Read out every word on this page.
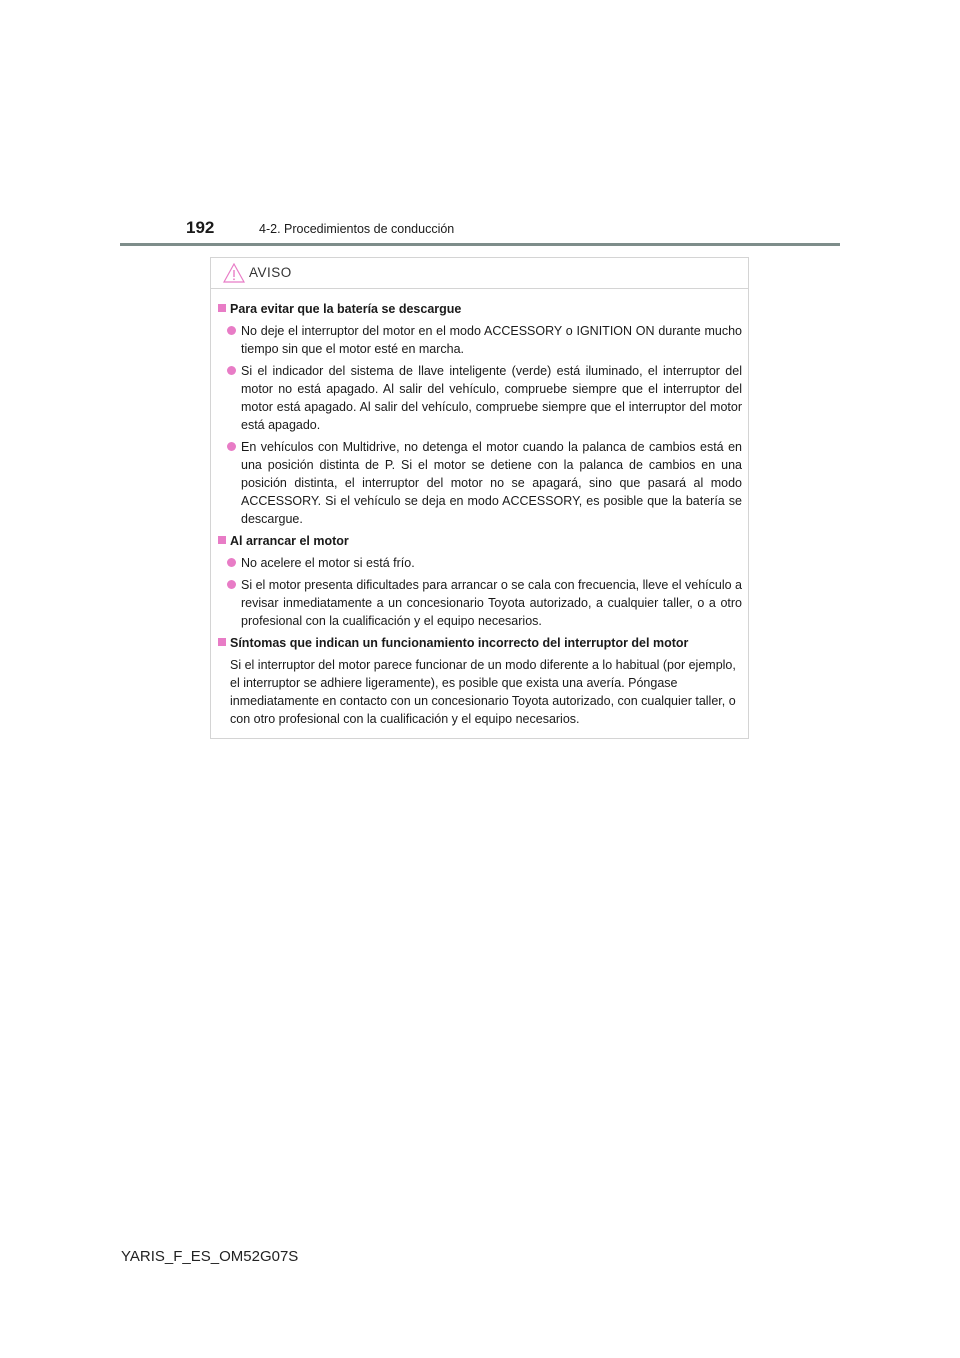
192	4-2. Procedimientos de conducción
AVISO
Para evitar que la batería se descargue
No deje el interruptor del motor en el modo ACCESSORY o IGNITION ON durante mucho tiempo sin que el motor esté en marcha.
Si el indicador del sistema de llave inteligente (verde) está iluminado, el interruptor del motor no está apagado. Al salir del vehículo, compruebe siempre que el interruptor del motor está apagado. Al salir del vehículo, compruebe siempre que el interruptor del motor está apagado.
En vehículos con Multidrive, no detenga el motor cuando la palanca de cambios está en una posición distinta de P. Si el motor se detiene con la palanca de cambios en una posición distinta, el interruptor del motor no se apagará, sino que pasará al modo ACCESSORY. Si el vehículo se deja en modo ACCESSORY, es posible que la batería se descargue.
Al arrancar el motor
No acelere el motor si está frío.
Si el motor presenta dificultades para arrancar o se cala con frecuencia, lleve el vehículo a revisar inmediatamente a un concesionario Toyota autorizado, a cualquier taller, o a otro profesional con la cualificación y el equipo necesarios.
Síntomas que indican un funcionamiento incorrecto del interruptor del motor
Si el interruptor del motor parece funcionar de un modo diferente a lo habitual (por ejemplo, el interruptor se adhiere ligeramente), es posible que exista una avería. Póngase inmediatamente en contacto con un concesionario Toyota autorizado, con cualquier taller, o con otro profesional con la cualificación y el equipo necesarios.
YARIS_F_ES_OM52G07S
